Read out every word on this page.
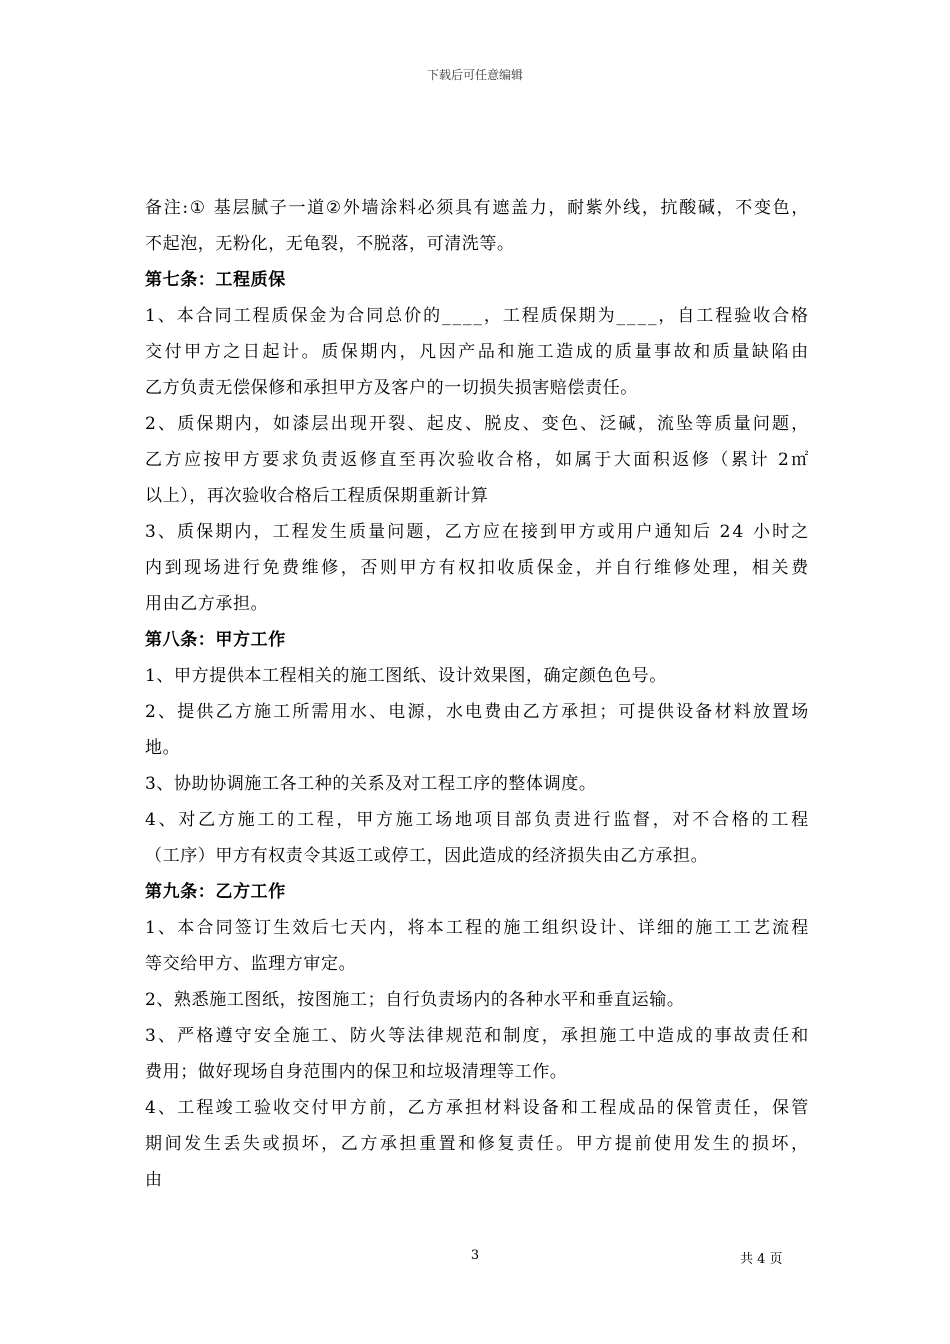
下载后可任意编辑
备 注 : ①
基 层 腻 子 一 道 ② 外 墙 涂 料 必 须 具 有 遮 盖 力 ， 耐 紫 外 线 ， 抗 酸 碱 ， 不 变 色 ，
不起泡，无粉化，无龟裂，不脱落，可清洗等。
第七条：工程质保
1 、 本 合 同 工 程 质 保 金 为 合 同 总 价 的 _ _ _ _ ， 工 程 质 保 期 为 _ _ _ _ ， 自 工 程 验 收 合 格
交 付 甲 方 之 日 起 计 。 质 保 期 内 ， 凡 因 产 品 和 施 工 造 成 的 质 量 事 故 和 质 量 缺 陷 由
乙方负责无偿保修和承担甲方及客户的一切损失损害赔偿责任。
2 、 质 保 期 内 ， 如 漆 层 出 现 开 裂 、 起 皮 、 脱 皮 、 变 色 、 泛 碱 ， 流 坠 等 质 量 问 题 ，
乙 方 应 按 甲 方 要 求 负 责 返 修 直 至 再 次 验 收 合 格 ， 如 属 于 大 面 积 返 修 （ 累 计
2 ㎡
以上），再次验收合格后工程质保期重新计算
3 、 质 保 期 内 ， 工 程 发 生 质 量 问 题 ， 乙 方 应 在 接 到 甲 方 或 用 户 通 知 后
2 4
小 时 之
内 到 现 场 进 行 免 费 维 修 ， 否 则 甲 方 有 权 扣 收 质 保 金 ， 并 自 行 维 修 处 理 ， 相 关 费
用由乙方承担。
第八条：甲方工作
1、甲方提供本工程相关的施工图纸、设计效果图，确定颜色色号。
2 、 提 供 乙 方 施 工 所 需 用 水 、 电 源 ， 水 电 费 由 乙 方 承 担 ； 可 提 供 设 备 材 料 放 置 场
地。
3、协助协调施工各工种的关系及对工程工序的整体调度。
4 、 对 乙 方 施 工 的 工 程 ， 甲 方 施 工 场 地 项 目 部 负 责 进 行 监 督 ， 对 不 合 格 的 工 程
（工序）甲方有权责令其返工或停工，因此造成的经济损失由乙方承担。
第九条：乙方工作
1 、 本 合 同 签 订 生 效 后 七 天 内 ， 将 本 工 程 的 施 工 组 织 设 计 、 详 细 的 施 工 工 艺 流 程
等交给甲方、监理方审定。
2、熟悉施工图纸，按图施工；自行负责场内的各种水平和垂直运输。
3 、 严 格 遵 守 安 全 施 工 、 防 火 等 法 律 规 范 和 制 度 ， 承 担 施 工 中 造 成 的 事 故 责 任 和
费用；做好现场自身范围内的保卫和垃圾清理等工作。
4 、 工 程 竣 工 验 收 交 付 甲 方 前 ， 乙 方 承 担 材 料 设 备 和 工 程 成 品 的 保 管 责 任 ， 保 管
期 间 发 生 丢 失 或 损 坏 ， 乙 方 承 担 重 置 和 修 复 责 任 。 甲 方 提 前 使 用 发 生 的 损 坏 ，
由
3	共 4 页
